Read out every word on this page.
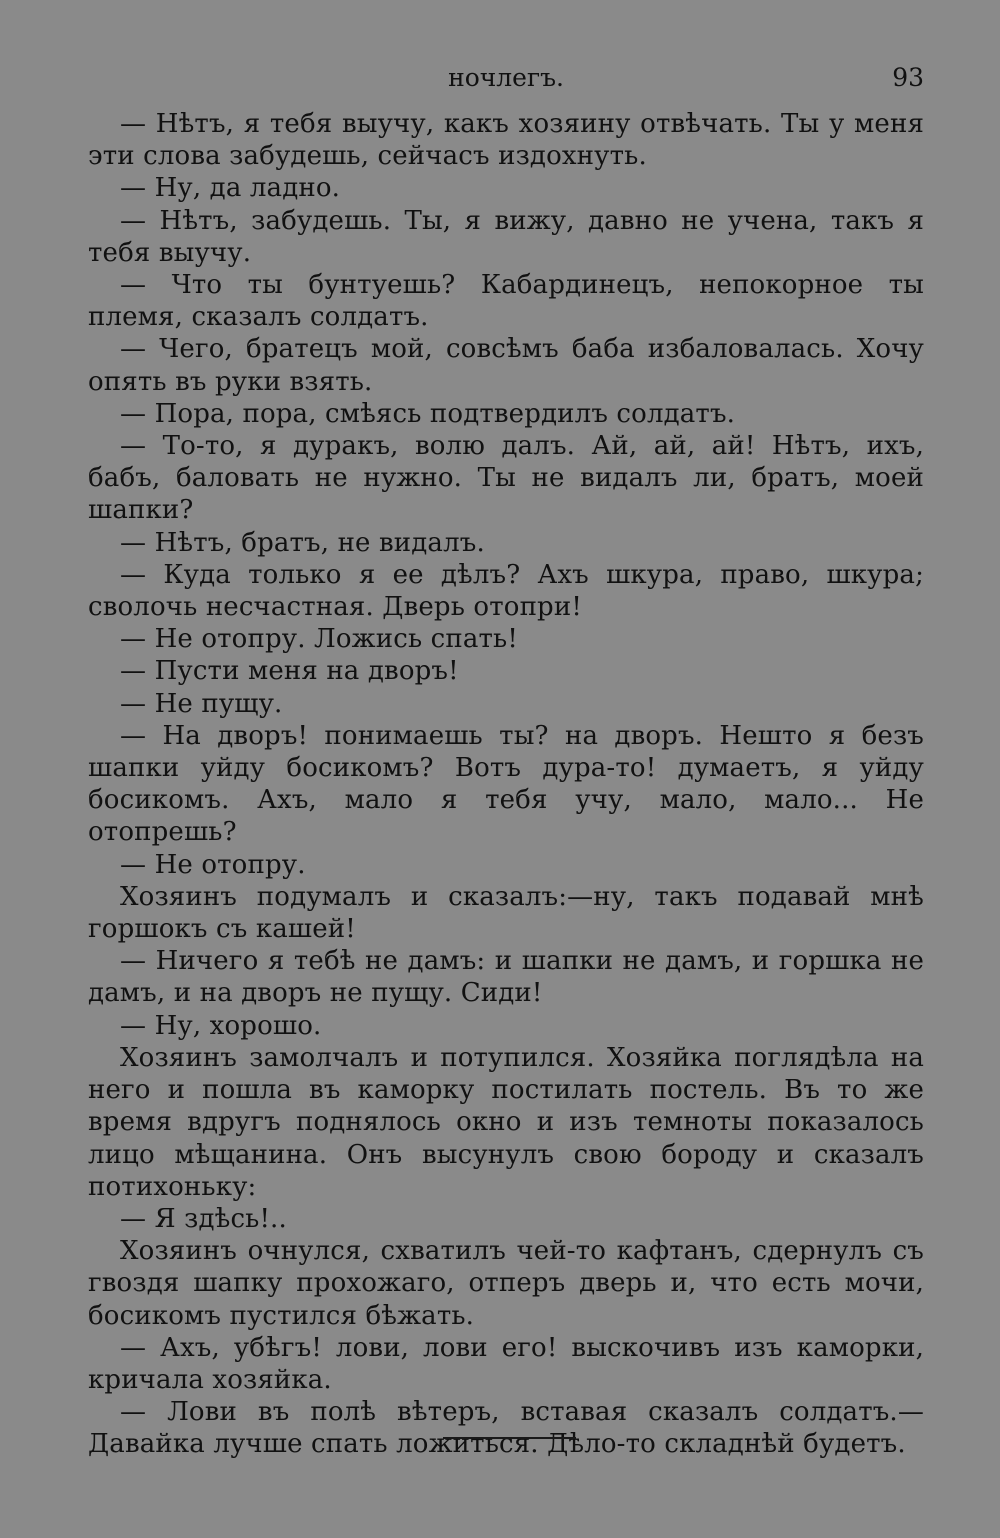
ночлегъ.	93

— Нѣтъ, я тебя выучу, какъ хозяину отвѣчать. Ты у меня эти слова забудешь, сейчасъ издохнуть.

— Ну, да ладно.

— Нѣтъ, забудешь. Ты, я вижу, давно не учена, такъ я тебя выучу.

— Что ты бунтуешь? Кабардинецъ, непокорное ты племя, сказалъ солдатъ.

— Чего, братецъ мой, совсѣмъ баба избаловалась. Хочу опять въ руки взять.

— Пора, пора, смѣясь подтвердилъ солдатъ.

— То-то, я дуракъ, волю далъ. Ай, ай, ай! Нѣтъ, ихъ, бабъ, баловать не нужно. Ты не видалъ ли, братъ, моей шапки?

— Нѣтъ, братъ, не видалъ.

— Куда только я ее дѣлъ? Ахъ шкура, право, шкура; сволочь несчастная. Дверь отопри!

— Не отопру. Ложись спать!

— Пусти меня на дворъ!

— Не пущу.

— На дворъ! понимаешь ты? на дворъ. Нешто я безъ шапки уйду босикомъ? Вотъ дура-то! думаетъ, я уйду босикомъ. Ахъ, мало я тебя учу, мало, мало... Не отопрешь?

— Не отопру.

Хозяинъ подумалъ и сказалъ:—ну, такъ подавай мнѣ горшокъ съ кашей!

— Ничего я тебѣ не дамъ: и шапки не дамъ, и горшка не дамъ, и на дворъ не пущу. Сиди!

— Ну, хорошо.

Хозяинъ замолчалъ и потупился. Хозяйка поглядѣла на него и пошла въ каморку постилать постель. Въ то же время вдругъ поднялось окно и изъ темноты показалось лицо мѣщанина. Онъ высунулъ свою бороду и сказалъ потихоньку:

— Я здѣсь!..

Хозяинъ очнулся, схватилъ чей-то кафтанъ, сдернулъ съ гвоздя шапку прохожаго, отперъ дверь и, что есть мочи, босикомъ пустился бѣжать.

— Ахъ, убѣгъ! лови, лови его! выскочивъ изъ каморки, кричала хозяйка.

— Лови въ полѣ вѣтеръ, вставая сказалъ солдатъ.—Давайка лучше спать ложиться. Дѣло-то складнѣй будетъ.
